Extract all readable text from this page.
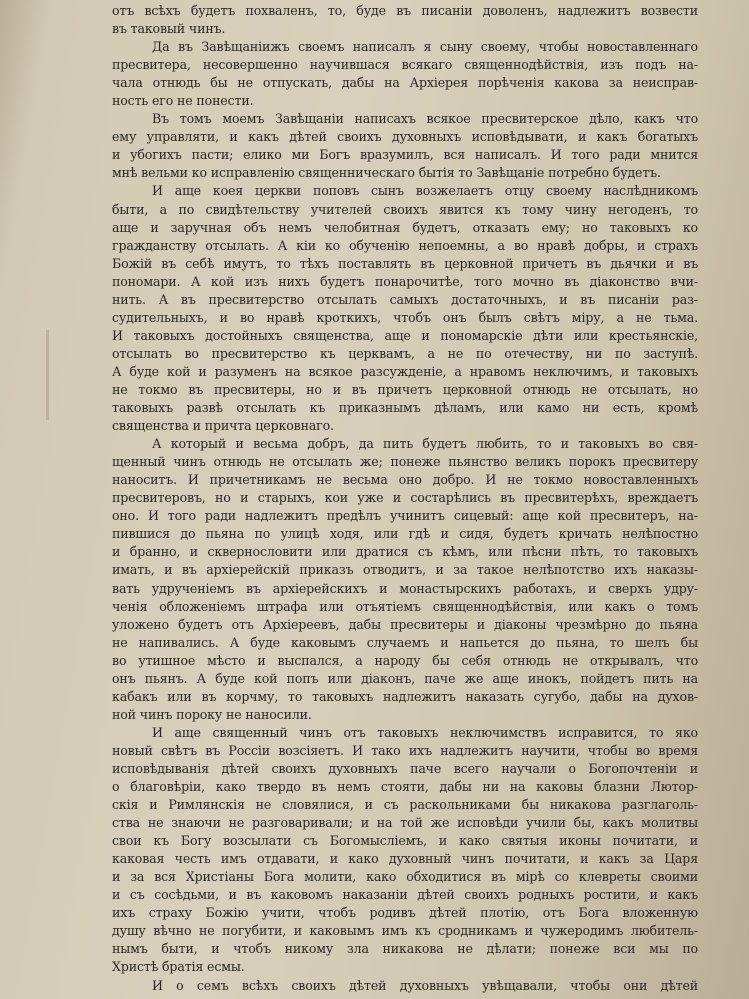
отъ всѣхъ будетъ похваленъ, то, буде въ писаніи доволенъ, надлежитъ возвести
въ таковый чинъ.
Да въ Завѣщаніижъ своемъ написалъ я сыну своему, чтобы новоставленнаго
пресвитера, несовершенно научившася всякаго священнодѣйствія, изъ подъ на-
чала отнюдь бы не отпускать, дабы на Архіерея порѣченія какова за неисправ-
ность его не понести.
Въ томъ моемъ Завѣщаніи написахъ всякое пресвитерское дѣло, какъ что
ему управляти, и какъ дѣтей своихъ духовныхъ исповѣдывати, и какъ богатыхъ
и убогихъ пасти; елико ми Богъ вразумилъ, вся написалъ. И того ради мнится
мнѣ вельми ко исправленію священническаго бытія то Завѣщаніе потребно будетъ.
И аще коея церкви поповъ сынъ возжелаетъ отцу своему наслѣдникомъ
быти, а по свидѣтельству учителей своихъ явится къ тому чину негоденъ, то
аще и заручная объ немъ челобитная будетъ, отказать ему; но таковыхъ ко
гражданству отсылать. А кіи ко обученію непоемны, а во нравѣ добры, и страхъ
Божій въ себѣ имутъ, то тѣхъ поставлять въ церковной причетъ въ дьячки и въ
пономари. А кой изъ нихъ будетъ понарочитѣе, того мочно въ діаконство вчи-
нить. А въ пресвитерство отсылать самыхъ достаточныхъ, и въ писаніи раз-
судительныхъ, и во нравѣ кроткихъ, чтобъ онъ былъ свѣтъ міру, а не тьма.
И таковыхъ достойныхъ священства, аще и пономарскіе дѣти или крестьянскіе,
отсылать во пресвитерство къ церквамъ, а не по отечеству, ни по заступѣ.
А буде кой и разуменъ на всякое разсужденіе, а нравомъ неключимъ, и таковыхъ
не токмо въ пресвитеры, но и въ причетъ церковной отнюдь не отсылать, но
таковыхъ развѣ отсылать къ приказнымъ дѣламъ, или камо ни есть, кромѣ
священства и причта церковнаго.
А который и весьма добръ, да пить будетъ любить, то и таковыхъ во свя-
щенный чинъ отнюдь не отсылать же; понеже пьянство великъ порокъ пресвитеру
наноситъ. И причетникамъ не весьма оно добро. И не токмо новоставленныхъ
пресвитеровъ, но и старыхъ, кои уже и состарѣлись въ пресвитерѣхъ, вреждаетъ
оно. И того ради надлежитъ предѣлъ учинитъ сицевый: аще кой пресвитеръ, на-
пившися до пьяна по улицѣ ходя, или гдѣ и сидя, будетъ кричать нелѣпостно
и бранно, и сквернословити или дратися съ кѣмъ, или пѣсни пѣть, то таковыхъ
имать, и въ архіерейскій приказъ отводитъ, и за такое нелѣпотство ихъ наказы-
вать удрученіемъ въ архіерейскихъ и монастырскихъ работахъ, и сверхъ удру-
ченія обложеніемъ штрафа или отъятіемъ священнодѣйствія, или какъ о томъ
уложено будетъ отъ Архіереевъ, дабы пресвитеры и діаконы чрезмѣрно до пьяна
не напивались. А буде каковымъ случаемъ и напьется до пьяна, то шелъ бы
во утишное мѣсто и выспался, а народу бы себя отнюдь не открывалъ, что
онъ пьянъ. А буде кой попъ или діаконъ, паче же аще инокъ, пойдетъ пить на
кабакъ или въ корчму, то таковыхъ надлежитъ наказать сугубо, дабы на духов-
ной чинъ пороку не наносили.
И аще священный чинъ отъ таковыхъ неключимствъ исправится, то яко
новый свѣтъ въ Россіи возсіяетъ. И тако ихъ надлежитъ научити, чтобы во время
исповѣдыванія дѣтей своихъ духовныхъ паче всего научали о Богопочтеніи и
о благовѣріи, како твердо въ немъ стояти, дабы ни на каковы блазни Лютор-
скія и Римлянскія не словялися, и съ раскольниками бы никакова разглаголь-
ства не знаючи не разговаривали; и на той же исповѣди учили бы, какъ молитвы
свои къ Богу возсылати съ Богомысліемъ, и како святыя иконы почитати, и
каковая честь имъ отдавати, и како духовный чинъ почитати, и какъ за Царя
и за вся Христіаны Бога молити, како обходитися въ мірѣ со клевреты своими
и съ сосѣдьми, и въ каковомъ наказаніи дѣтей своихъ родныхъ ростити, и какъ
ихъ страху Божію учити, чтобъ родивъ дѣтей плотію, отъ Бога вложенную
душу вѣчно не погубити, и каковымъ имъ къ сродникамъ и чужеродимъ любитель-
нымъ быти, и чтобъ никому зла никакова не дѣлати; понеже вси мы по
Христѣ братія есмы.
И о семъ всѣхъ своихъ дѣтей духовныхъ увѣщавали, чтобы они дѣтей
